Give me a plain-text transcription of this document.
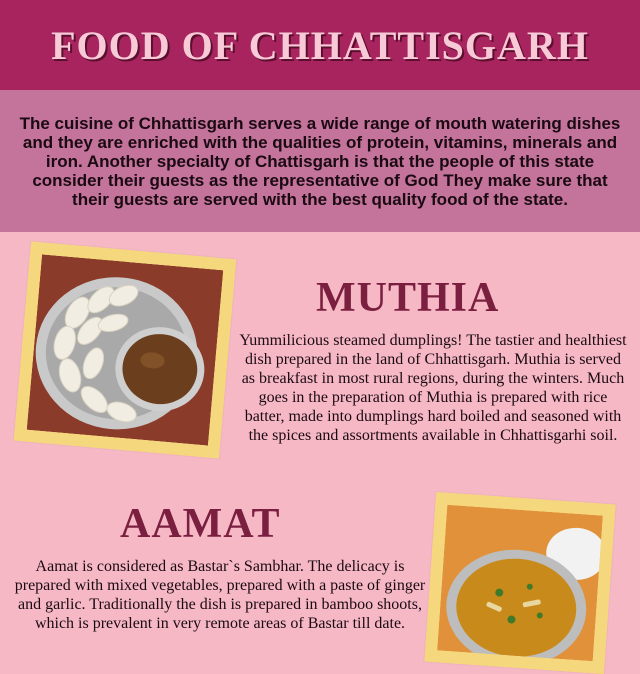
FOOD OF CHHATTISGARH

The cuisine of Chhattisgarh serves a wide range of mouth watering dishes and they are enriched with the qualities of protein, vitamins, minerals and iron. Another specialty of Chattisgarh is that the people of this state consider their guests as the representative of God They make sure that their guests are served with the best quality food of the state.

MUTHIA

Yummilicious steamed dumplings! The tastier and healthiest dish prepared in the land of Chhattisgarh. Muthia is served as breakfast in most rural regions, during the winters. Much goes in the preparation of Muthia is prepared with rice batter, made into dumplings hard boiled and seasoned with the spices and assortments available in Chhattisgarhi soil.

AAMAT

Aamat is considered as Bastar`s Sambhar. The delicacy is prepared with mixed vegetables, prepared with a paste of ginger and garlic. Traditionally the dish is prepared in bamboo shoots, which is prevalent in very remote areas of Bastar till date.
